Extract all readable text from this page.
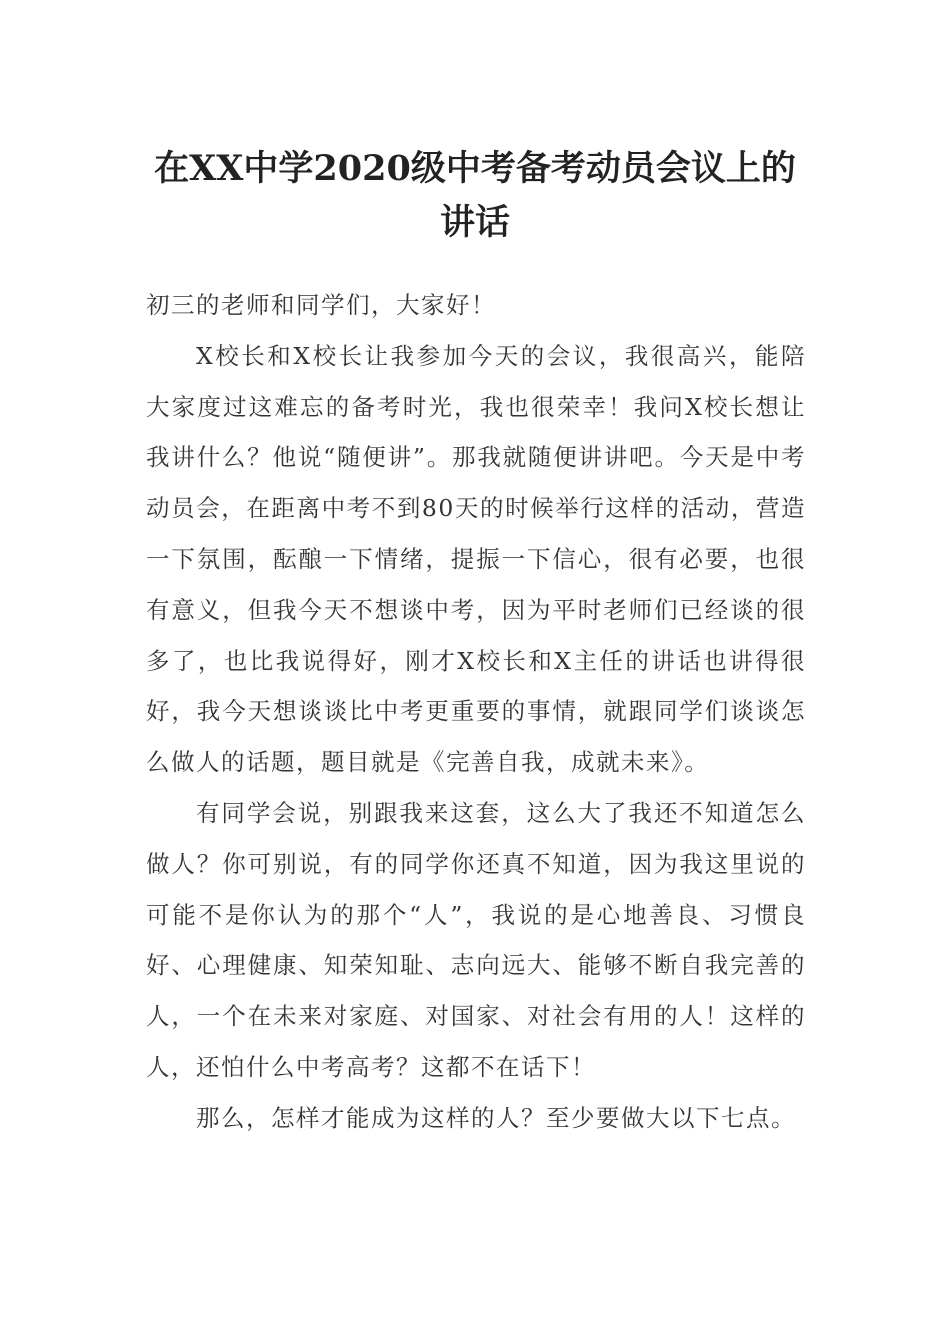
在XX中学2020级中考备考动员会议上的讲话

初三的老师和同学们，大家好！

X校长和X校长让我参加今天的会议，我很高兴，能陪大家度过这难忘的备考时光，我也很荣幸！我问X校长想让我讲什么？他说“随便讲”。那我就随便讲讲吧。今天是中考动员会，在距离中考不到80天的时候举行这样的活动，营造一下氛围，酝酿一下情绪，提振一下信心，很有必要，也很有意义，但我今天不想谈中考，因为平时老师们已经谈的很多了，也比我说得好，刚才X校长和X主任的讲话也讲得很好，我今天想谈谈比中考更重要的事情，就跟同学们谈谈怎么做人的话题，题目就是《完善自我，成就未来》。

有同学会说，别跟我来这套，这么大了我还不知道怎么做人？你可别说，有的同学你还真不知道，因为我这里说的可能不是你认为的那个“人”，我说的是心地善良、习惯良好、心理健康、知荣知耻、志向远大、能够不断自我完善的人，一个在未来对家庭、对国家、对社会有用的人！这样的人，还怕什么中考高考？这都不在话下！

那么，怎样才能成为这样的人？至少要做大以下七点。
